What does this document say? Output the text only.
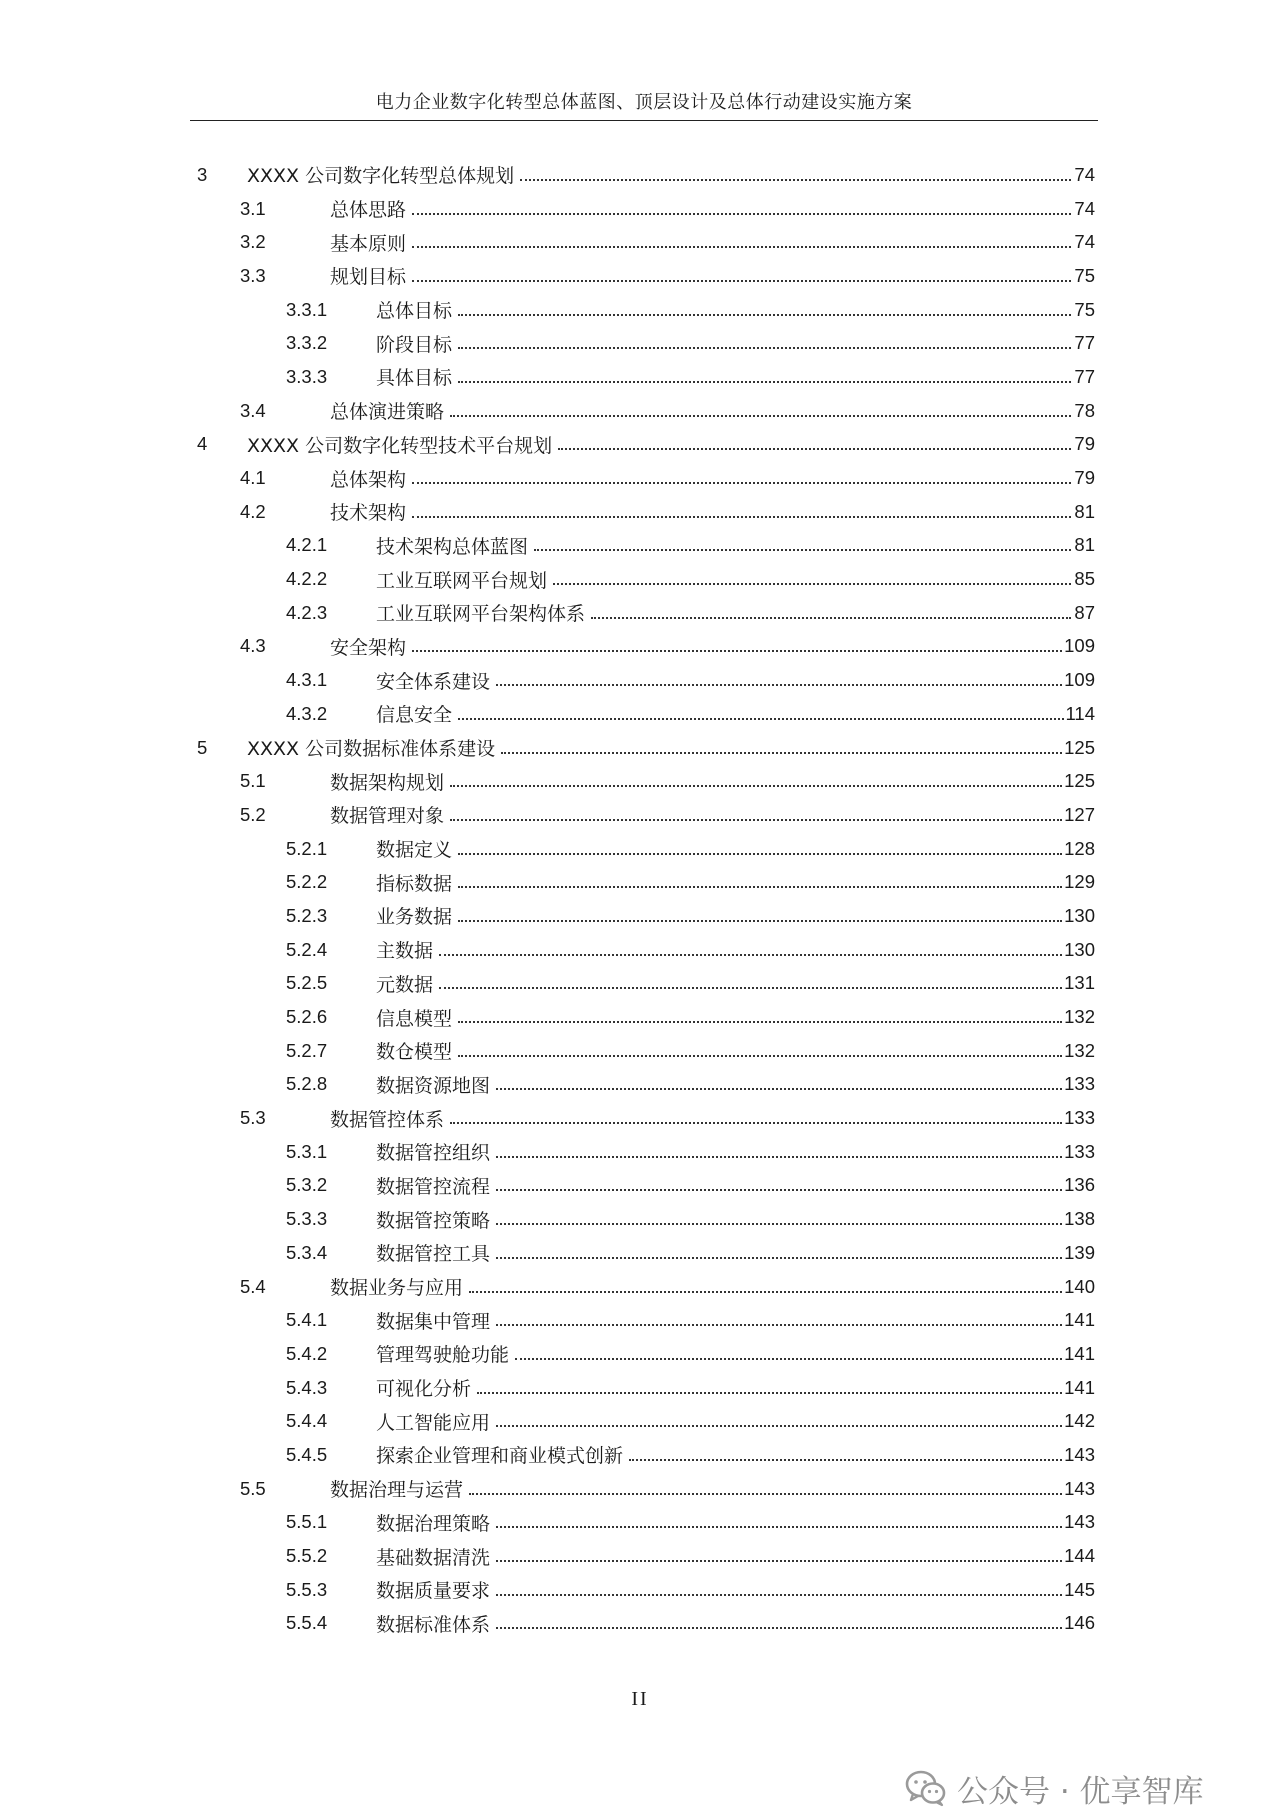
电力企业数字化转型总体蓝图、顶层设计及总体行动建设实施方案
3	XXXX 公司数字化转型总体规划	74
3.1	总体思路	74
3.2	基本原则	74
3.3	规划目标	75
3.3.1	总体目标	75
3.3.2	阶段目标	77
3.3.3	具体目标	77
3.4	总体演进策略	78
4	XXXX 公司数字化转型技术平台规划	79
4.1	总体架构	79
4.2	技术架构	81
4.2.1	技术架构总体蓝图	81
4.2.2	工业互联网平台规划	85
4.2.3	工业互联网平台架构体系	87
4.3	安全架构	109
4.3.1	安全体系建设	109
4.3.2	信息安全	114
5	XXXX 公司数据标准体系建设	125
5.1	数据架构规划	125
5.2	数据管理对象	127
5.2.1	数据定义	128
5.2.2	指标数据	129
5.2.3	业务数据	130
5.2.4	主数据	130
5.2.5	元数据	131
5.2.6	信息模型	132
5.2.7	数仓模型	132
5.2.8	数据资源地图	133
5.3	数据管控体系	133
5.3.1	数据管控组织	133
5.3.2	数据管控流程	136
5.3.3	数据管控策略	138
5.3.4	数据管控工具	139
5.4	数据业务与应用	140
5.4.1	数据集中管理	141
5.4.2	管理驾驶舱功能	141
5.4.3	可视化分析	141
5.4.4	人工智能应用	142
5.4.5	探索企业管理和商业模式创新	143
5.5	数据治理与运营	143
5.5.1	数据治理策略	143
5.5.2	基础数据清洗	144
5.5.3	数据质量要求	145
5.5.4	数据标准体系	146
II
公众号 · 优享智库
